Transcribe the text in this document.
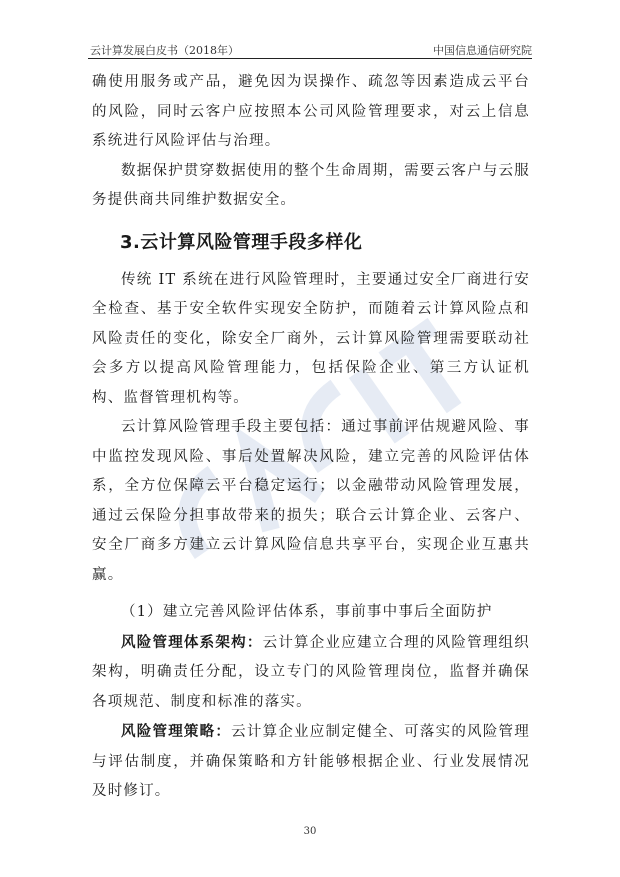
云计算发展白皮书（2018年）	中国信息通信研究院

确使用服务或产品，避免因为误操作、疏忽等因素造成云平台的风险，同时云客户应按照本公司风险管理要求，对云上信息系统进行风险评估与治理。

数据保护贯穿数据使用的整个生命周期，需要云客户与云服务提供商共同维护数据安全。

3.云计算风险管理手段多样化

传统 IT 系统在进行风险管理时，主要通过安全厂商进行安全检查、基于安全软件实现安全防护，而随着云计算风险点和风险责任的变化，除安全厂商外，云计算风险管理需要联动社会多方以提高风险管理能力，包括保险企业、第三方认证机构、监督管理机构等。

云计算风险管理手段主要包括：通过事前评估规避风险、事中监控发现风险、事后处置解决风险，建立完善的风险评估体系，全方位保障云平台稳定运行；以金融带动风险管理发展，通过云保险分担事故带来的损失；联合云计算企业、云客户、安全厂商多方建立云计算风险信息共享平台，实现企业互惠共赢。

（1）建立完善风险评估体系，事前事中事后全面防护

风险管理体系架构：云计算企业应建立合理的风险管理组织架构，明确责任分配，设立专门的风险管理岗位，监督并确保各项规范、制度和标准的落实。

风险管理策略：云计算企业应制定健全、可落实的风险管理与评估制度，并确保策略和方针能够根据企业、行业发展情况及时修订。

30
